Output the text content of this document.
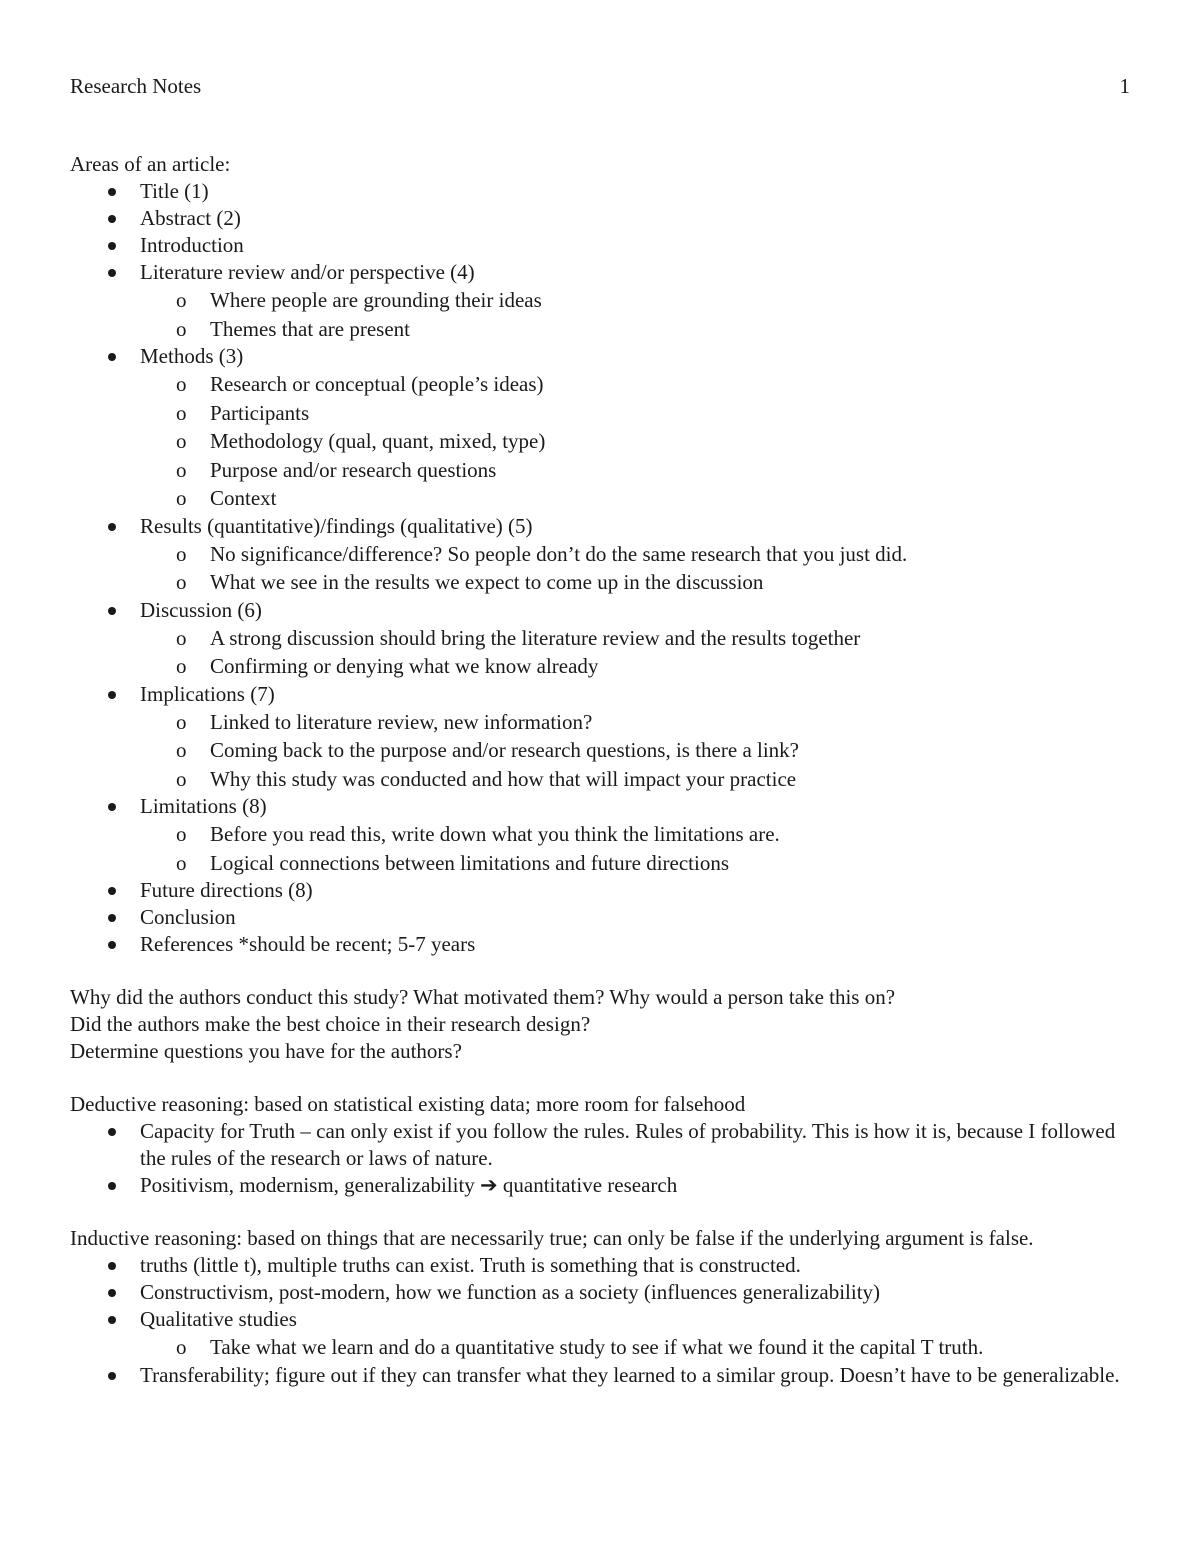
Research Notes	1

Areas of an article:

Title (1)
Abstract (2)
Introduction
Literature review and/or perspective (4)
o Where people are grounding their ideas
o Themes that are present
Methods (3)
o Research or conceptual (people’s ideas)
o Participants
o Methodology (qual, quant, mixed, type)
o Purpose and/or research questions
o Context
Results (quantitative)/findings (qualitative) (5)
o No significance/difference? So people don’t do the same research that you just did.
o What we see in the results we expect to come up in the discussion
Discussion (6)
o A strong discussion should bring the literature review and the results together
o Confirming or denying what we know already
Implications (7)
o Linked to literature review, new information?
o Coming back to the purpose and/or research questions, is there a link?
o Why this study was conducted and how that will impact your practice
Limitations (8)
o Before you read this, write down what you think the limitations are.
o Logical connections between limitations and future directions
Future directions (8)
Conclusion
References *should be recent; 5-7 years

Why did the authors conduct this study? What motivated them? Why would a person take this on?

Did the authors make the best choice in their research design?

Determine questions you have for the authors?

Deductive reasoning: based on statistical existing data; more room for falsehood

Capacity for Truth – can only exist if you follow the rules. Rules of probability. This is how it is, because I followed the rules of the research or laws of nature.
Positivism, modernism, generalizability ➔ quantitative research

Inductive reasoning: based on things that are necessarily true; can only be false if the underlying argument is false.

truths (little t), multiple truths can exist. Truth is something that is constructed.
Constructivism, post-modern, how we function as a society (influences generalizability)
Qualitative studies
o Take what we learn and do a quantitative study to see if what we found it the capital T truth.
Transferability; figure out if they can transfer what they learned to a similar group. Doesn’t have to be generalizable.
